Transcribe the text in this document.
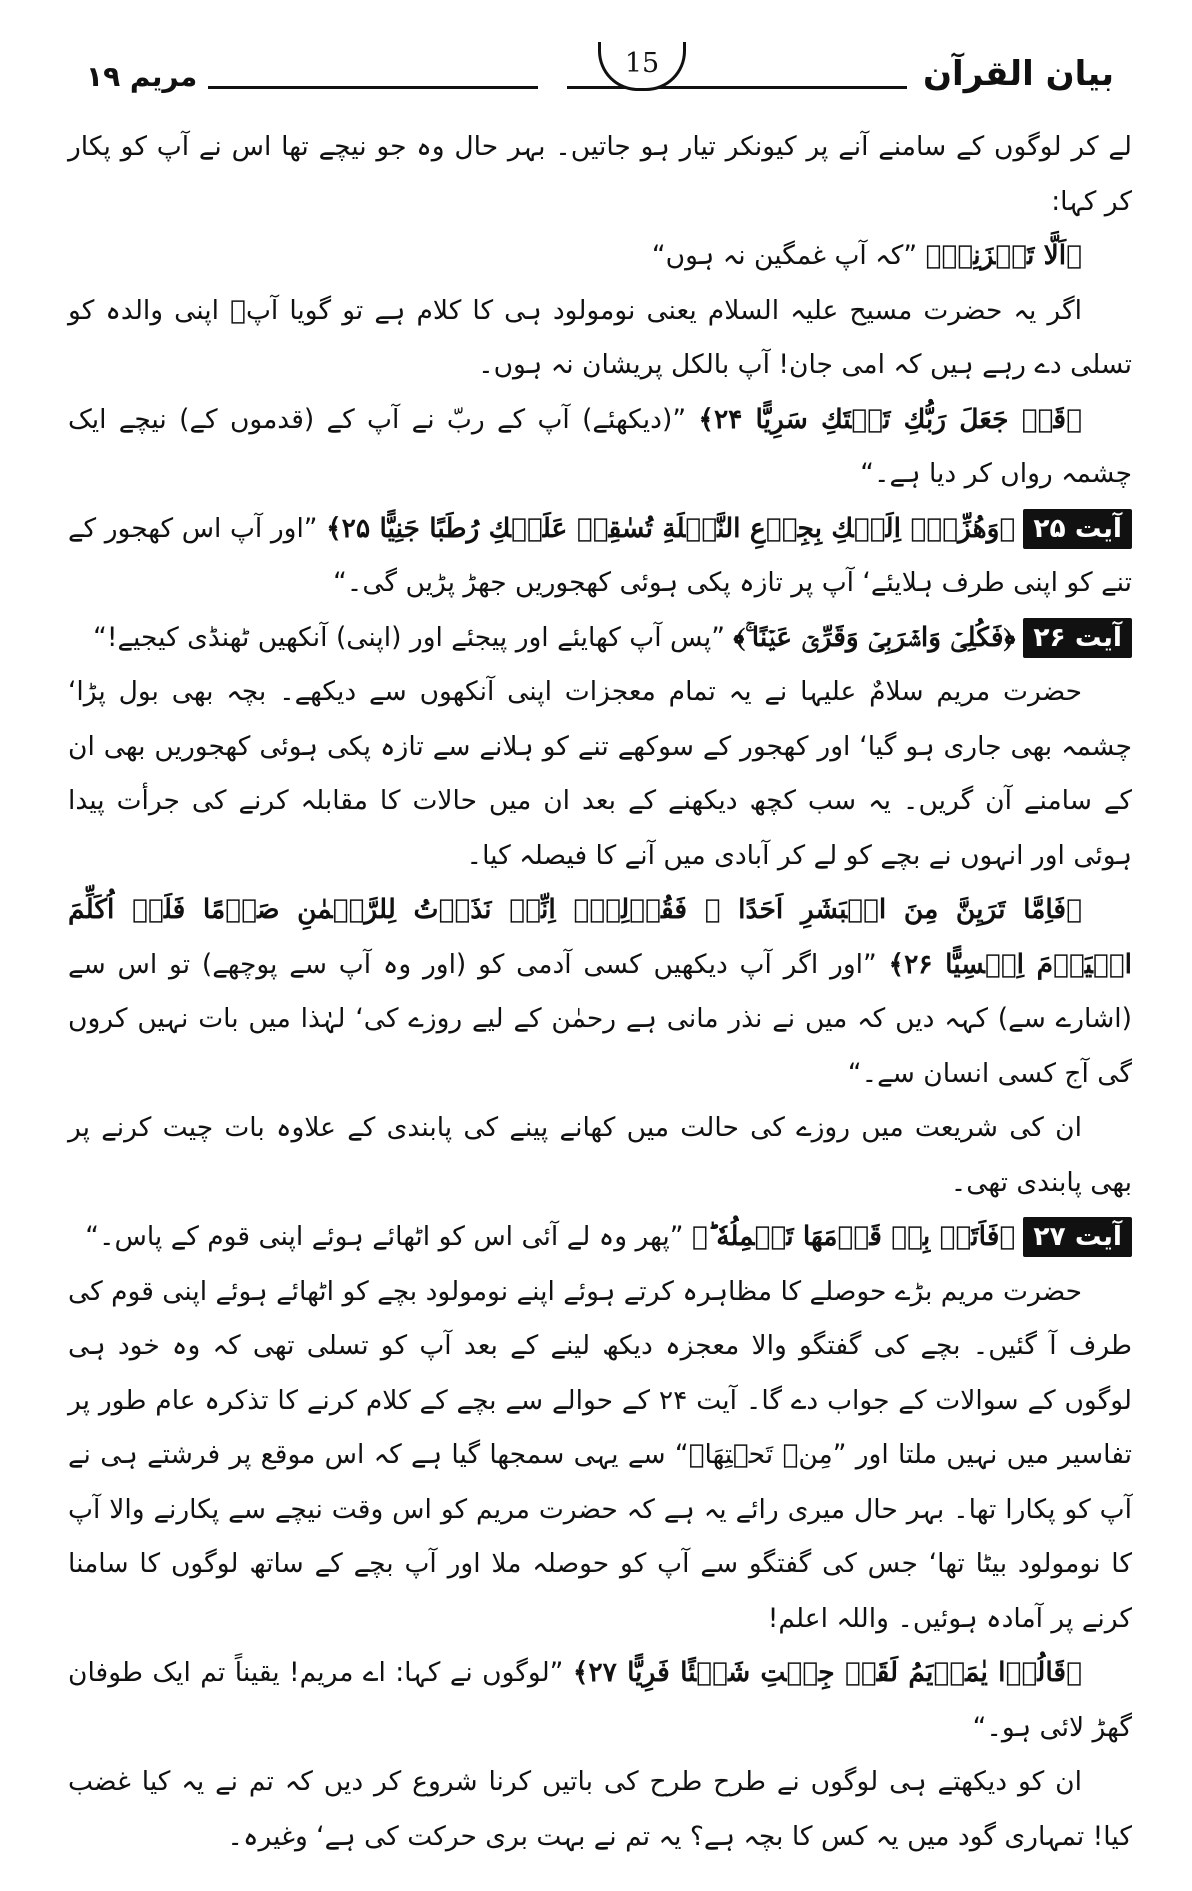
بیان القرآن
15
مریم ۱۹

لے کر لوگوں کے سامنے آنے پر کیونکر تیار ہو جاتیں۔ بہر حال وہ جو نیچے تھا اس نے آپ کو پکار کر کہا:

﴿اَلَّا تَحۡزَنِیۡ﴾ ”کہ آپ غمگین نہ ہوں“

اگر یہ حضرت مسیح علیہ السلام یعنی نومولود ہی کا کلام ہے تو گویا آپؑ اپنی والدہ کو تسلی دے رہے ہیں کہ امی جان! آپ بالکل پریشان نہ ہوں۔

﴿قَدۡ جَعَلَ رَبُّكِ تَحۡتَكِ سَرِیًّا ۲۴﴾ ”(دیکھئے) آپ کے ربّ نے آپ کے (قدموں کے) نیچے ایک چشمہ رواں کر دیا ہے۔“

آیت ۲۵﴿وَهُزِّیۡۤ اِلَیۡكِ بِجِذۡعِ النَّخۡلَةِ تُسٰقِطۡ عَلَیۡكِ رُطَبًا جَنِیًّا ۲۵﴾ ”اور آپ اس کھجور کے تنے کو اپنی طرف ہلایئے‘ آپ پر تازہ پکی ہوئی کھجوریں جھڑ پڑیں گی۔“

آیت ۲۶﴿فَكُلِیۡ وَاشۡرَبِیۡ وَقَرِّیۡ عَیۡنًا ۚ﴾ ”پس آپ کھایئے اور پیجئے اور (اپنی) آنکھیں ٹھنڈی کیجیے!“

حضرت مریم سلامٌ علیہا نے یہ تمام معجزات اپنی آنکھوں سے دیکھے۔ بچہ بھی بول پڑا‘ چشمہ بھی جاری ہو گیا‘ اور کھجور کے سوکھے تنے کو ہلانے سے تازہ پکی ہوئی کھجوریں بھی ان کے سامنے آن گریں۔ یہ سب کچھ دیکھنے کے بعد ان میں حالات کا مقابلہ کرنے کی جرأت پیدا ہوئی اور انہوں نے بچے کو لے کر آبادی میں آنے کا فیصلہ کیا۔

﴿فَاِمَّا تَرَیِنَّ مِنَ الۡبَشَرِ اَحَدًا ۙ فَقُوۡلِیۡۤ اِنِّیۡ نَذَرۡتُ لِلرَّحۡمٰنِ صَوۡمًا فَلَنۡ اُكَلِّمَ الۡیَوۡمَ اِنۡسِیًّا ۲۶﴾ ”اور اگر آپ دیکھیں کسی آدمی کو (اور وہ آپ سے پوچھے) تو اس سے (اشارے سے) کہہ دیں کہ میں نے نذر مانی ہے رحمٰن کے لیے روزے کی‘ لہٰذا میں بات نہیں کروں گی آج کسی انسان سے۔“

ان کی شریعت میں روزے کی حالت میں کھانے پینے کی پابندی کے علاوہ بات چیت کرنے پر بھی پابندی تھی۔

آیت ۲۷﴿فَاَتَتۡ بِهٖ قَوۡمَهَا تَحۡمِلُهٗ ؕ﴾ ”پھر وہ لے آئی اس کو اٹھائے ہوئے اپنی قوم کے پاس۔“

حضرت مریم بڑے حوصلے کا مظاہرہ کرتے ہوئے اپنے نومولود بچے کو اٹھائے ہوئے اپنی قوم کی طرف آ گئیں۔ بچے کی گفتگو والا معجزہ دیکھ لینے کے بعد آپ کو تسلی تھی کہ وہ خود ہی لوگوں کے سوالات کے جواب دے گا۔ آیت ۲۴ کے حوالے سے بچے کے کلام کرنے کا تذکرہ عام طور پر تفاسیر میں نہیں ملتا اور ”مِنۡ تَحۡتِهَاۤ“ سے یہی سمجھا گیا ہے کہ اس موقع پر فرشتے ہی نے آپ کو پکارا تھا۔ بہر حال میری رائے یہ ہے کہ حضرت مریم کو اس وقت نیچے سے پکارنے والا آپ کا نومولود بیٹا تھا‘ جس کی گفتگو سے آپ کو حوصلہ ملا اور آپ بچے کے ساتھ لوگوں کا سامنا کرنے پر آمادہ ہوئیں۔ واللہ اعلم!

﴿قَالُوۡا یٰمَرۡیَمُ لَقَدۡ جِئۡتِ شَیۡئًا فَرِیًّا ۲۷﴾ ”لوگوں نے کہا: اے مریم! یقیناً تم ایک طوفان گھڑ لائی ہو۔“

ان کو دیکھتے ہی لوگوں نے طرح طرح کی باتیں کرنا شروع کر دیں کہ تم نے یہ کیا غضب کیا! تمہاری گود میں یہ کس کا بچہ ہے؟ یہ تم نے بہت بری حرکت کی ہے‘ وغیرہ۔
